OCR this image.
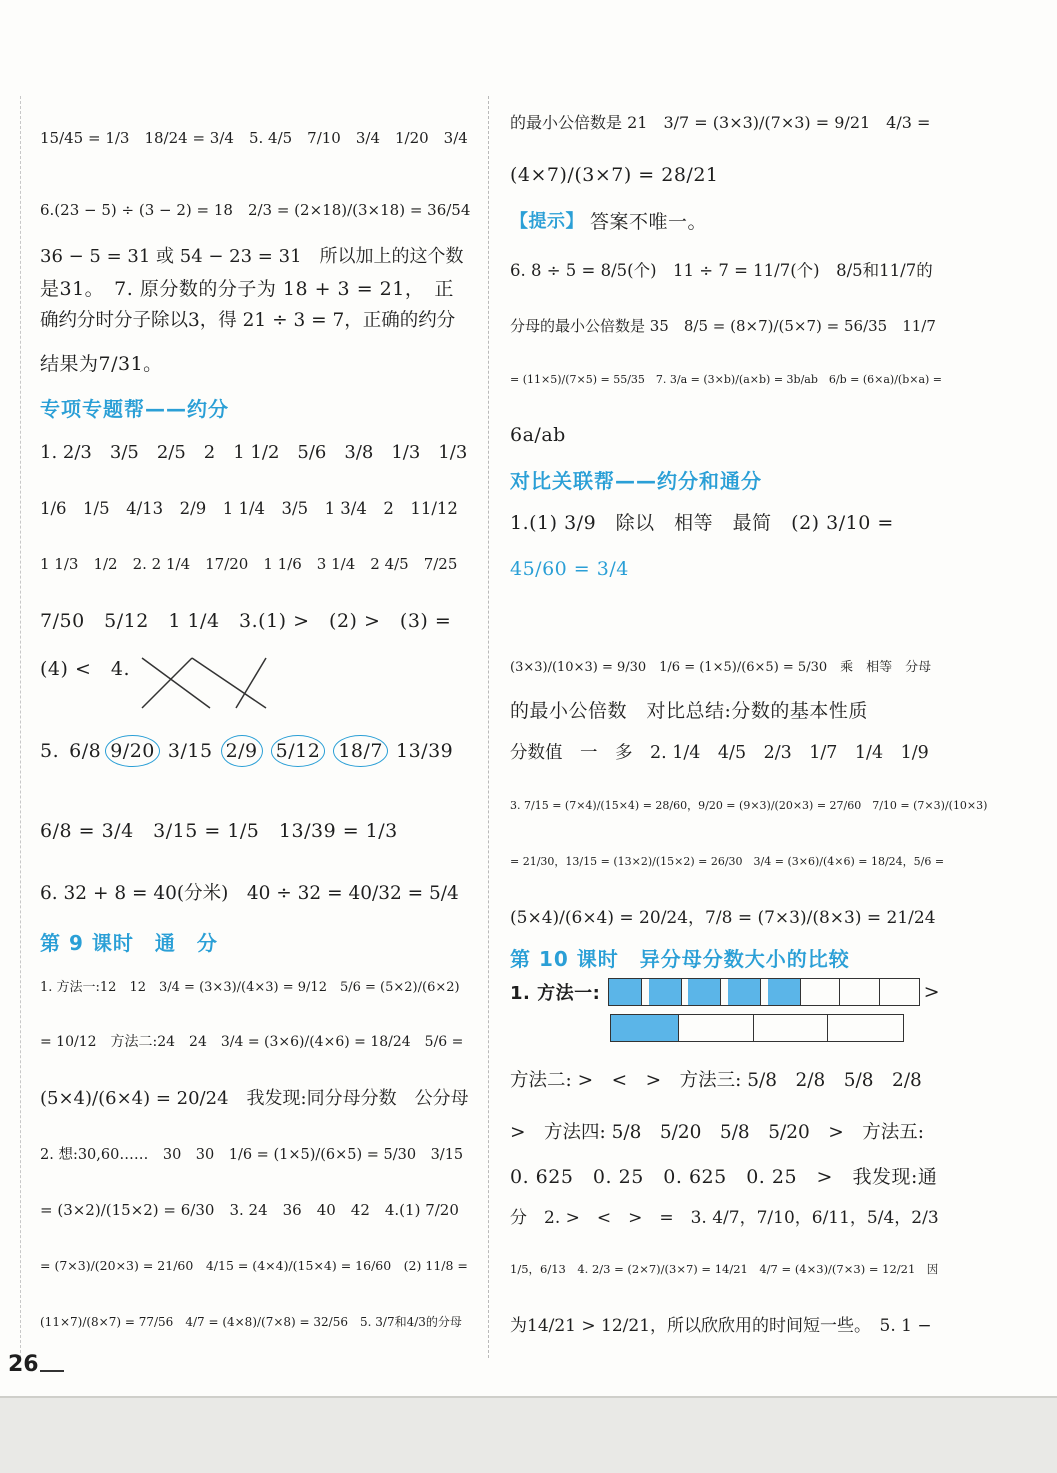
15/45 = 1/3　18/24 = 3/4　5. 4/5　7/10　3/4　1/20　3/4
6.(23 − 5) ÷ (3 − 2) = 18　2/3 = (2×18)/(3×18) = 36/54
36 − 5 = 31 或 54 − 23 = 31　所以加上的这个数
是31。　7. 原分数的分子为 18 + 3 = 21，　正
确约分时分子除以3，得 21 ÷ 3 = 7，正确的约分
结果为7/31。
专项专题帮——约分
1. 2/3　3/5　2/5　2　1 1/2　5/6　3/8　1/3　1/3
1/6　1/5　4/13　2/9　1 1/4　3/5　1 3/4　2　11/12
1 1/3　1/2　2. 2 1/4　17/20　1 1/6　3 1/4　2 4/5　7/25
7/50　5/12　1 1/4　3.(1) >　(2) >　(3) =
(4) <　4.
5. 6/8 9/20 3/15 2/9 5/12 18/7 13/39
6/8 = 3/4　3/15 = 1/5　13/39 = 1/3
6. 32 + 8 = 40(分米)　40 ÷ 32 = 40/32 = 5/4
第 9 课时　通　分
1. 方法一:12　12　3/4 = (3×3)/(4×3) = 9/12　5/6 = (5×2)/(6×2)
= 10/12　方法二:24　24　3/4 = (3×6)/(4×6) = 18/24　5/6 =
(5×4)/(6×4) = 20/24　我发现:同分母分数　公分母
2. 想:30,60……　30　30　1/6 = (1×5)/(6×5) = 5/30　3/15
= (3×2)/(15×2) = 6/30　3. 24　36　40　42　4.(1) 7/20
= (7×3)/(20×3) = 21/60　4/15 = (4×4)/(15×4) = 16/60　(2) 11/8 =
(11×7)/(8×7) = 77/56　4/7 = (4×8)/(7×8) = 32/56　5. 3/7和4/3的分母
的最小公倍数是 21　3/7 = (3×3)/(7×3) = 9/21　4/3 =
(4×7)/(3×7) = 28/21
【提示】 答案不唯一。
6. 8 ÷ 5 = 8/5(个)　11 ÷ 7 = 11/7(个)　8/5和11/7的
分母的最小公倍数是 35　8/5 = (8×7)/(5×7) = 56/35　11/7
= (11×5)/(7×5) = 55/35　7. 3/a = (3×b)/(a×b) = 3b/ab　6/b = (6×a)/(b×a) =
6a/ab
对比关联帮——约分和通分
1.(1) 3/9　除以　相等　最简　(2) 3/10 =
45/60 = 3/4
(3×3)/(10×3) = 9/30　1/6 = (1×5)/(6×5) = 5/30　乘　相等　分母
的最小公倍数　对比总结:分数的基本性质
分数值　一　多　2. 1/4　4/5　2/3　1/7　1/4　1/9
3. 7/15 = (7×4)/(15×4) = 28/60，9/20 = (9×3)/(20×3) = 27/60　7/10 = (7×3)/(10×3)
= 21/30，13/15 = (13×2)/(15×2) = 26/30　3/4 = (3×6)/(4×6) = 18/24，5/6 =
(5×4)/(6×4) = 20/24，7/8 = (7×3)/(8×3) = 21/24
第 10 课时　异分母分数大小的比较
1. 方法一:
	>

方法二: >　<　>　方法三: 5/8　2/8　5/8　2/8
>　方法四: 5/8　5/20　5/8　5/20　>　方法五:
0. 625　0. 25　0. 625　0. 25　>　我发现:通
分　2. >　<　>　=　3. 4/7，7/10，6/11，5/4，2/3
1/5，6/13　4. 2/3 = (2×7)/(3×7) = 14/21　4/7 = (4×3)/(7×3) = 12/21　因
为14/21 > 12/21，所以欣欣用的时间短一些。　5. 1 −
26
